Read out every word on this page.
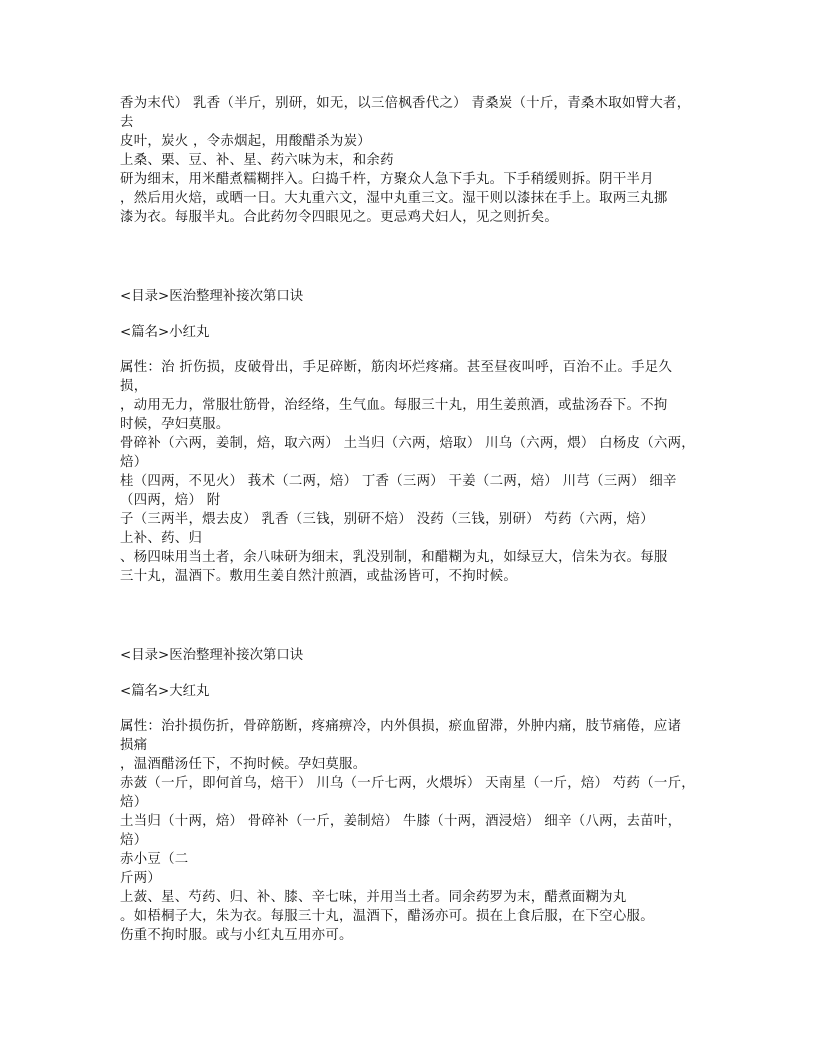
香为末代） 乳香（半斤，别研，如无，以三倍枫香代之） 青桑炭（十斤，青桑木取如臂大者，
去
皮叶，炭火 ，令赤烟起，用酸醋杀为炭）
上桑、栗、豆、补、星、药六味为末，和余药
研为细末，用米醋煮糯糊拌入。臼捣千杵，方聚众人急下手丸。下手稍缓则拆。阴干半月
，然后用火焙，或晒一日。大丸重六文，湿中丸重三文。湿干则以漆抹在手上。取两三丸挪
漆为衣。每服半丸。合此药勿令四眼见之。更忌鸡犬妇人，见之则折矣。
<目录>医治整理补接次第口诀
<篇名>小红丸
属性：治 折伤损，皮破骨出，手足碎断，筋肉坏烂疼痛。甚至昼夜叫呼，百治不止。手足久
损，
，动用无力，常服壮筋骨，治经络，生气血。每服三十丸，用生姜煎酒，或盐汤吞下。不拘
时候，孕妇莫服。
骨碎补（六两，姜制，焙，取六两） 土当归（六两，焙取） 川乌（六两，煨） 白杨皮（六两，
焙）
桂（四两，不见火） 莪术（二两，焙） 丁香（三两） 干姜（二两，焙） 川芎（三两） 细辛
（四两，焙） 附
子（三两半，煨去皮） 乳香（三钱，别研不焙） 没药（三钱，别研） 芍药（六两，焙）
上补、药、归
、杨四味用当土者，余八味研为细末，乳没别制，和醋糊为丸，如绿豆大，信朱为衣。每服
三十丸，温酒下。敷用生姜自然汁煎酒，或盐汤皆可，不拘时候。
<目录>医治整理补接次第口诀
<篇名>大红丸
属性：治扑损伤折，骨碎筋断，疼痛痹冷，内外俱损，瘀血留滞，外肿内痛，肢节痛倦，应诸
损痛
，温酒醋汤任下，不拘时候。孕妇莫服。
赤蔹（一斤，即何首乌，焙干） 川乌（一斤七两，火煨坼） 天南星（一斤，焙） 芍药（一斤，
焙）
土当归（十两，焙） 骨碎补（一斤，姜制焙） 牛膝（十两，酒浸焙） 细辛（八两，去苗叶，
焙）
赤小豆（二
斤两）
上蔹、星、芍药、归、补、膝、辛七味，并用当土者。同余药罗为末，醋煮面糊为丸
。如梧桐子大，朱为衣。每服三十丸，温酒下，醋汤亦可。损在上食后服，在下空心服。
伤重不拘时服。或与小红丸互用亦可。
